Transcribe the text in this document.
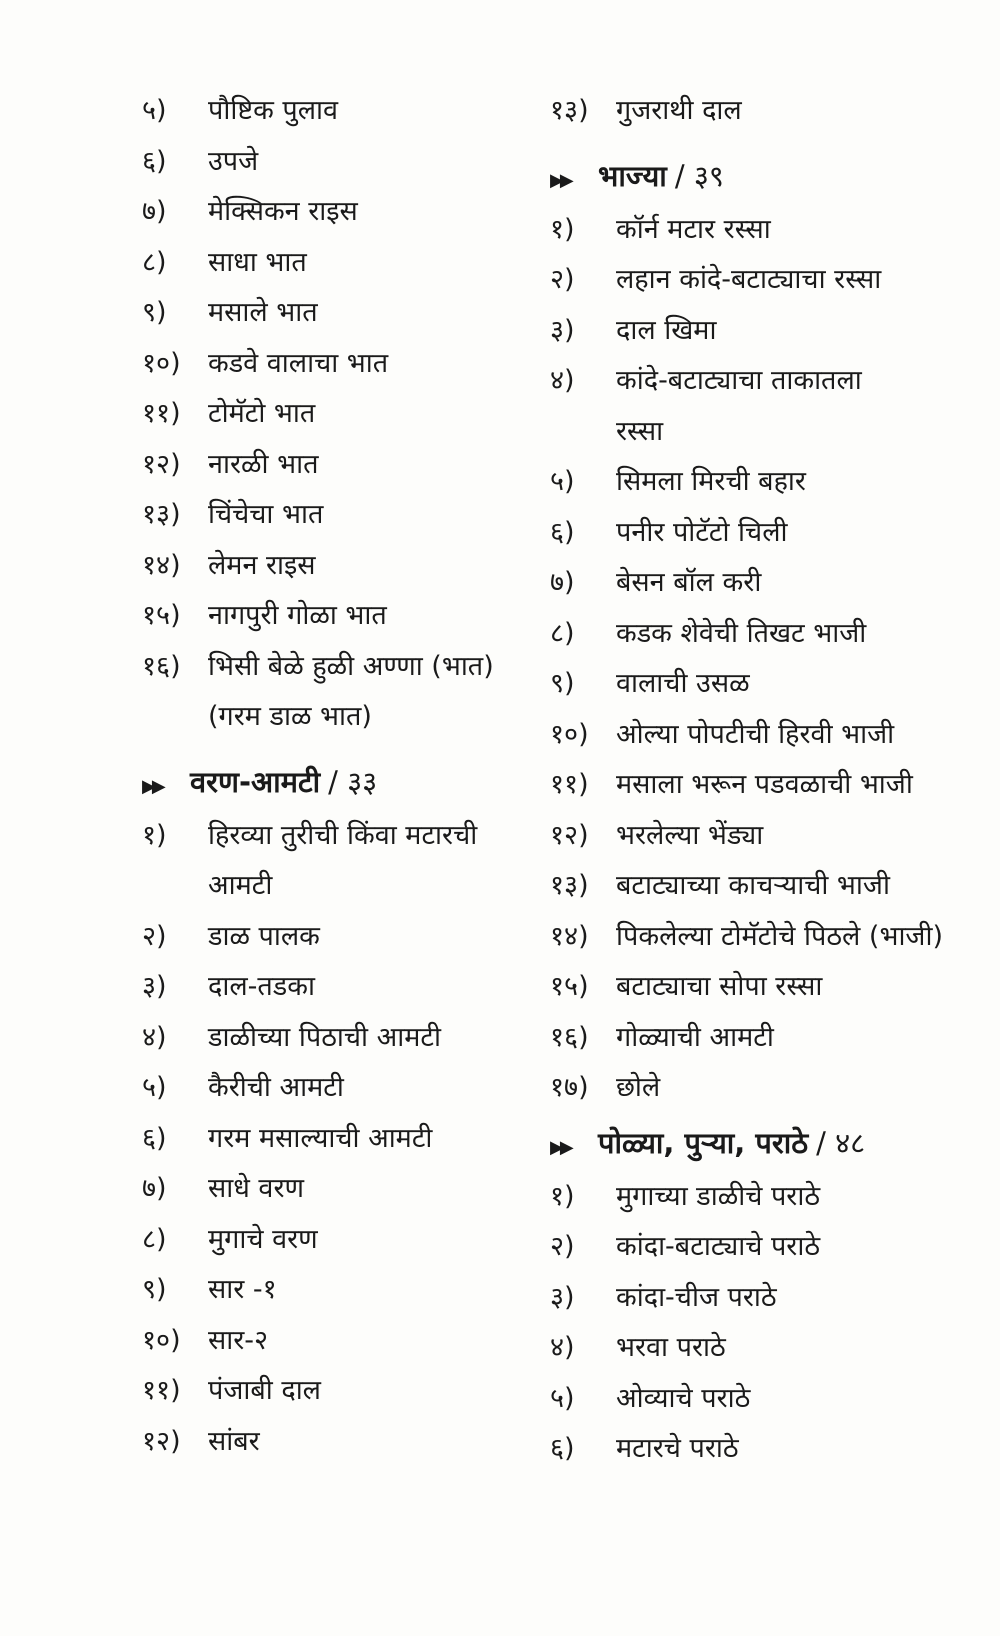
५)	पौष्टिक पुलाव
६)	उपजे
७)	मेक्सिकन राइस
८)	साधा भात
९)	मसाले भात
१०)	कडवे वालाचा भात
११)	टोमॅटो भात
१२)	नारळी भात
१३)	चिंचेचा भात
१४)	लेमन राइस
१५)	नागपुरी गोळा भात
१६)	भिसी बेळे हुळी अण्णा (भात)
(गरम डाळ भात)
▶▶ वरण-आमटी / ३३
१)	हिरव्या तुरीची किंवा मटारची
आमटी
२)	डाळ पालक
३)	दाल-तडका
४)	डाळीच्या पिठाची आमटी
५)	कैरीची आमटी
६)	गरम मसाल्याची आमटी
७)	साधे वरण
८)	मुगाचे वरण
९)	सार -१
१०)	सार-२
११)	पंजाबी दाल
१२)	सांबर
१३)	गुजराथी दाल
▶▶ भाज्या / ३९
१)	कॉर्न मटार रस्सा
२)	लहान कांदे-बटाट्याचा रस्सा
३)	दाल खिमा
४)	कांदे-बटाट्याचा ताकातला
रस्सा
५)	सिमला मिरची बहार
६)	पनीर पोटॅटो चिली
७)	बेसन बॉल करी
८)	कडक शेवेची तिखट भाजी
९)	वालाची उसळ
१०)	ओल्या पोपटीची हिरवी भाजी
११)	मसाला भरून पडवळाची भाजी
१२)	भरलेल्या भेंड्या
१३)	बटाट्याच्या काचऱ्याची भाजी
१४)	पिकलेल्या टोमॅटोचे पिठले (भाजी)
१५)	बटाट्याचा सोपा रस्सा
१६)	गोळ्याची आमटी
१७)	छोले
▶▶ पोळ्या, पुऱ्या, पराठे / ४८
१)	मुगाच्या डाळीचे पराठे
२)	कांदा-बटाट्याचे पराठे
३)	कांदा-चीज पराठे
४)	भरवा पराठे
५)	ओव्याचे पराठे
६)	मटारचे पराठे
